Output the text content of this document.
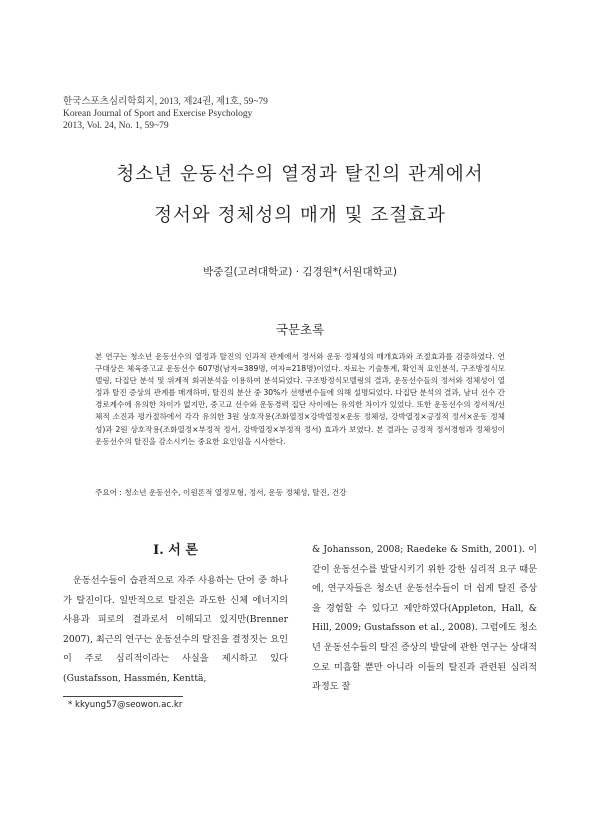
한국스포츠심리학회지, 2013, 제24권, 제1호, 59~79
Korean Journal of Sport and Exercise Psychology
2013, Vol. 24, No. 1, 59~79
청소년 운동선수의 열정과 탈진의 관계에서
정서와 정체성의 매개 및 조절효과
박중길(고려대학교) · 김경원*(서원대학교)
국문초록

본 연구는 청소년 운동선수의 열정과 탈진의 인과적 관계에서 정서와 운동 정체성의 매개효과와 조절효과를 검증하였다. 연구대상은 체육중고교 운동선수 607명(남자=389명, 여자=218명)이었다. 자료는 기술통계, 확인적 요인분석, 구조방정식모델링, 다집단 분석 및 위계적 회귀분석을 이용하여 분석되었다. 구조방정식모델링의 결과, 운동선수들의 정서와 정체성이 열정과 탈진 증상의 관계를 매개하며, 탈진의 분산 중 30%가 선행변수들에 의해 설명되었다. 다집단 분석의 결과, 남녀 선수 간 경로계수에 유의한 차이가 없지만, 중고교 선수와 운동경력 집단 사이에는 유의한 차이가 있었다. 또한 운동선수의 정서적/신체적 소진과 평가절하에서 각각 유의한 3원 상호작용(조화열정×강박열정×운동 정체성, 강박열정×긍정적 정서×운동 정체성)과 2원 상호작용(조화열정×부정적 정서, 강박열정×부정적 정서) 효과가 보였다. 본 결과는 긍정적 정서경험과 정체성이 운동선수의 탈진을 감소시키는 중요한 요인임을 시사한다.

주요어 : 청소년 운동선수, 이원론적 열정모형, 정서, 운동 정체성, 탈진, 건강

I. 서 론

운동선수들이 습관적으로 자주 사용하는 단어 중 하나가 탈진이다. 일반적으로 탈진은 과도한 신체 에너지의 사용과 피로의 결과로서 이해되고 있지만(Brenner 2007), 최근의 연구는 운동선수의 탈진을 결정짓는 요인이 주로 심리적이라는 사실을 제시하고 있다(Gustafsson, Hassmén, Kenttä,

& Johansson, 2008; Raedeke & Smith, 2001). 이 같이 운동선수를 발달시키기 위한 강한 심리적 요구 때문에, 연구자들은 청소년 운동선수들이 더 쉽게 탈진 증상을 경험할 수 있다고 제안하였다(Appleton, Hall, & Hill, 2009; Gustafsson et al., 2008). 그럼에도 청소년 운동선수들의 탈진 증상의 발달에 관한 연구는 상대적으로 미흡할 뿐만 아니라 이들의 탈진과 관련된 심리적 과정도 잘

* kkyung57@seowon.ac.kr
